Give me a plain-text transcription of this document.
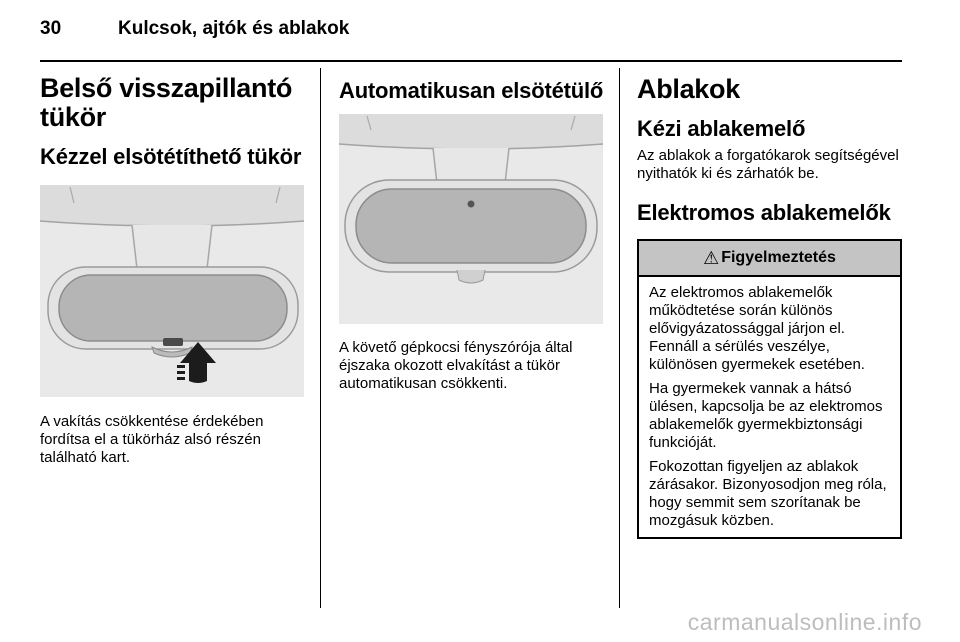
30	Kulcsok, ajtók és ablakok
Belső visszapillantó tükör
Kézzel elsötétíthető tükör

A vakítás csökkentése érdekében fordítsa el a tükörház alsó részén található kart.

Automatikusan elsötétülő

A követő gépkocsi fényszórója által éjszaka okozott elvakítást a tükör automatikusan csökkenti.

Ablakok
Kézi ablakemelő

Az ablakok a forgatókarok segítségével nyithatók ki és zárhatók be.

Elektromos ablakemelők
⚠ Figyelmeztetés

Az elektromos ablakemelők működtetése során különös elővigyázatossággal járjon el. Fennáll a sérülés veszélye, különösen gyermekek esetében.

Ha gyermekek vannak a hátsó ülésen, kapcsolja be az elektromos ablakemelők gyermekbiztonsági funkcióját.

Fokozottan figyeljen az ablakok zárásakor. Bizonyosodjon meg róla, hogy semmit sem szorítanak be mozgásuk közben.

carmanualsonline.info
